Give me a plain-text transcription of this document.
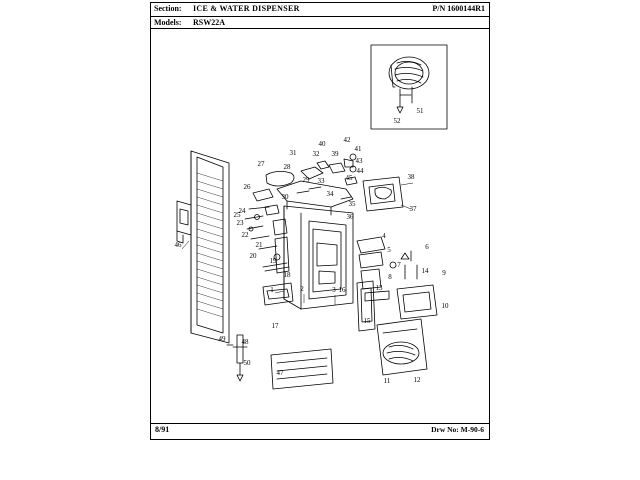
Section: ICE & WATER DISPENSER	P/N 1600144R1
Models: RSW22A
1	2	3
4
5	6
7
8	9
10
11	12
13
14
15
16
17
18
19
20
21
22
23
24
25
26
27	28
29
30
31 32
33
34
35
36
37
38
39
40
41
42
43
44
45
46
47
48
49
50
51
52
8/91	Drw No: M-90-6
